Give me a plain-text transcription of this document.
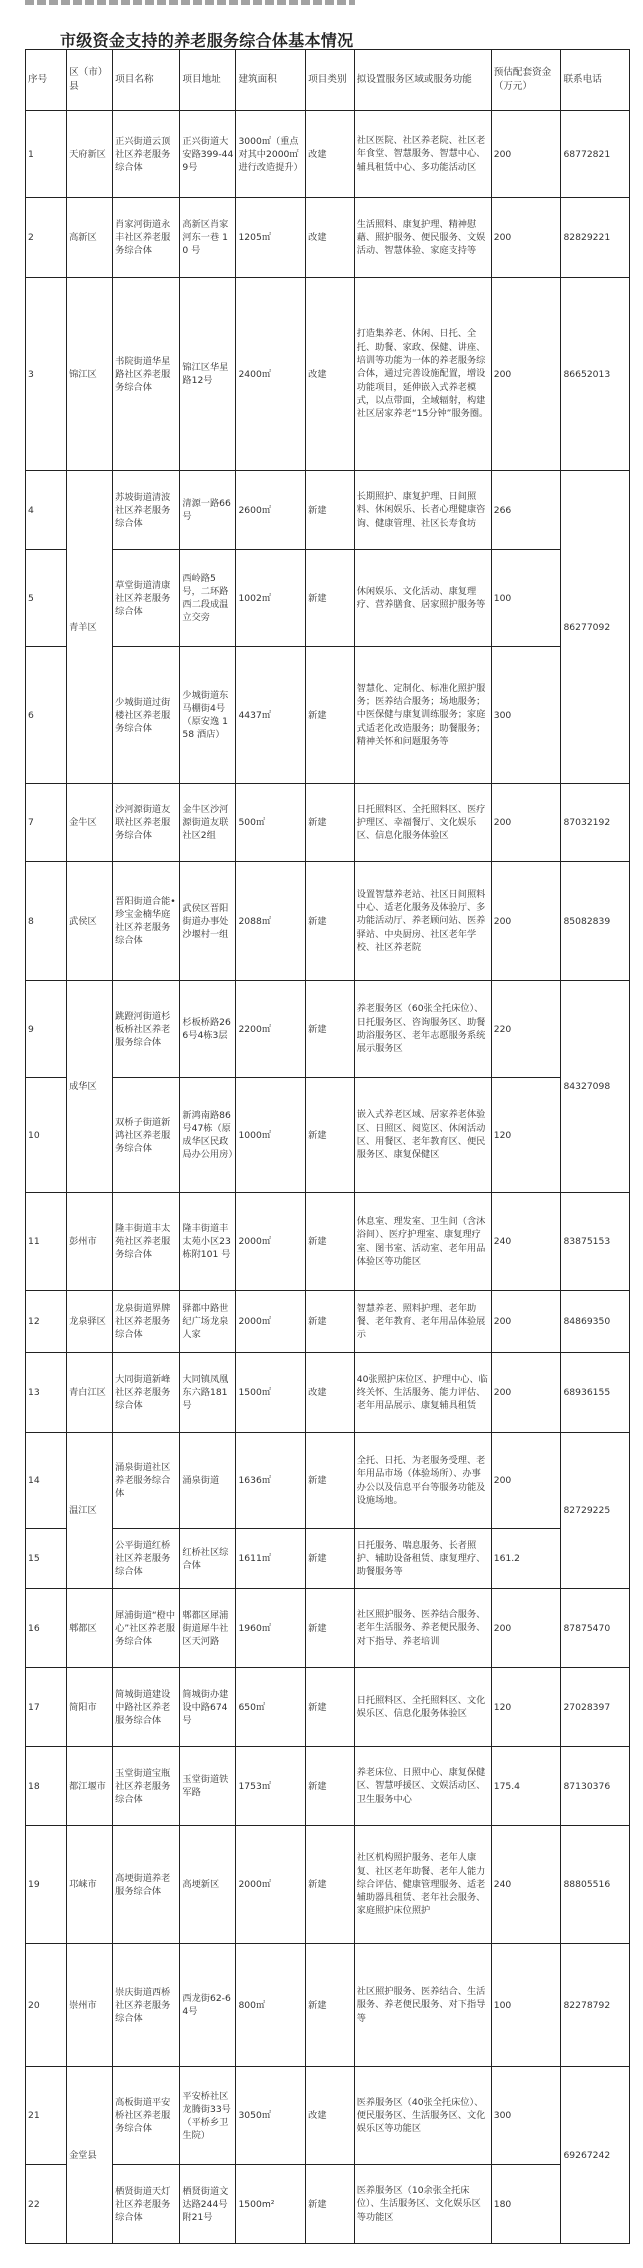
市级资金支持的养老服务综合体基本情况
序号	区（市）县	项目名称	项目地址	建筑面积	项目类别	拟设置服务区域或服务功能	预估配套资金（万元）	联系电话
1	天府新区	正兴街道云顶社区养老服务综合体	正兴街道大安路399-449号	3000㎡（重点对其中2000㎡进行改造提升）	改建	社区医院、社区养老院、社区老年食堂、智慧服务、智慧中心、辅具租赁中心、多功能活动区	200	68772821
2	高新区	肖家河街道永丰社区养老服务综合体	高新区肖家河东一巷 10 号	1205㎡	改建	生活照料、康复护理、精神慰藉、照护服务、便民服务、文娱活动、智慧体验、家庭支持等	200	82829221
3	锦江区	书院街道华星路社区养老服务综合体	锦江区华星路12号	2400㎡	改建	打造集养老、休闲、日托、全托、助餐、家政、保健、讲座、培训等功能为一体的养老服务综合体，通过完善设施配置，增设功能项目，延伸嵌入式养老模式，以点带面，全域辐射，构建社区居家养老“15分钟”服务圈。	200	86652013
4	青羊区	苏坡街道清波社区养老服务综合体	清源一路66号	2600㎡	新建	长期照护、康复护理、日间照料、休闲娱乐、长者心理健康咨询、健康管理、社区长寿食坊	266	86277092
5		草堂街道清康社区养老服务综合体	西岭路5号，二环路西二段成温立交旁	1002㎡	新建	休闲娱乐、文化活动、康复理疗、营养膳食、居家照护服务等	100	
6		少城街道过街楼社区养老服务综合体	少城街道东马棚街4号（原安逸 158 酒店）	4437㎡	新建	智慧化、定制化、标准化照护服务；医养结合服务；场地服务；中医保健与康复训练服务；家庭式适老化改造服务；助餐服务；精神关怀和问题服务等	300	
7	金牛区	沙河源街道友联社区养老服务综合体	金牛区沙河源街道友联社区2组	500㎡	新建	日托照料区、全托照料区、医疗护理区、幸福餐厅、文化娱乐区、信息化服务体验区	200	87032192
8	武侯区	晋阳街道合能•珍宝金楠华庭社区养老服务综合体	武侯区晋阳街道办事处沙堰村一组	2088㎡	新建	设置智慧养老站、社区日间照料中心、适老化服务及体验厅、多功能活动厅、养老顾问站、医养驿站、中央厨房、社区老年学校、社区养老院	200	85082839
9	成华区	跳蹬河街道杉板桥社区养老服务综合体	杉板桥路266号4栋3层	2200㎡	新建	养老服务区（60张全托床位）、日托服务区、咨询服务区、助餐助浴服务区、老年志愿服务系统展示服务区	220	84327098
10		双桥子街道新鸿社区养老服务综合体	新鸿南路86号47栋（原成华区民政局办公用房）	1000㎡	新建	嵌入式养老区域、居家养老体验区、日照区、阅览区、休闲活动区、用餐区、老年教育区、便民服务区、康复保健区	120	
11	彭州市	隆丰街道丰太苑社区养老服务综合体	隆丰街道丰太苑小区23 栋附101 号	2000㎡	新建	休息室、理发室、卫生间（含沐浴间）、医疗护理室、康复理疗室、图书室、活动室、老年用品体验区等功能区	240	83875153
12	龙泉驿区	龙泉街道界牌社区养老服务综合体	驿都中路世纪广场龙泉人家	2000㎡	新建	智慧养老、照料护理、老年助餐、老年教育、老年用品体验展示	200	84869350
13	青白江区	大同街道新峰社区养老服务综合体	大同镇凤凰东六路181号	1500㎡	改建	40张照护床位区、护理中心、临终关怀、生活服务、能力评估、老年用品展示、康复辅具租赁	200	68936155
14	温江区	涌泉街道社区养老服务综合体	涌泉街道	1636㎡	新建	全托、日托、为老服务受理、老年用品市场（体验场所）、办事办公以及信息平台等服务功能及设施场地。	200	82729225
15		公平街道红桥社区养老服务综合体	红桥社区综合体	1611㎡	新建	日托服务、喘息服务、长者照护、辅助设备租赁、康复理疗、助餐服务等	161.2	
16	郫都区	犀浦街道“橙中心”社区养老服务综合体	郫都区犀浦街道犀牛社区天河路	1960㎡	新建	社区照护服务、医养结合服务、老年生活服务、养老便民服务、对下指导、养老培训	200	87875470
17	简阳市	简城街道建设中路社区养老服务综合体	简城街办建设中路674号	650㎡	新建	日托照料区、全托照料区、文化娱乐区、信息化服务体验区	120	27028397
18	都江堰市	玉堂街道宝瓶社区养老服务综合体	玉堂街道铁军路	1753㎡	新建	养老床位、日照中心、康复保健区、智慧呼援区、文娱活动区、卫生服务中心	175.4	87130376
19	邛崃市	高埂街道养老服务综合体	高埂新区	2000㎡	新建	社区机构照护服务、老年人康复、社区老年助餐、老年人能力综合评估、健康管理服务、适老辅助器具租赁、老年社会服务、家庭照护床位照护	240	88805516
20	崇州市	崇庆街道西桥社区养老服务综合体	西龙街62-64号	800㎡	新建	社区照护服务、医养结合、生活服务、养老便民服务、对下指导等	100	82278792
21	金堂县	高板街道平安桥社区养老服务综合体	平安桥社区龙腾街33号（平桥乡卫生院）	3050㎡	改建	医养服务区（40张全托床位）、便民服务区、生活服务区、文化娱乐区等功能区	300	69267242
22		栖贤街道天灯社区养老服务综合体	栖贤街道文达路244号附21号	1500m²	新建	医养服务区（10余张全托床位）、生活服务区、文化娱乐区等功能区	180	
